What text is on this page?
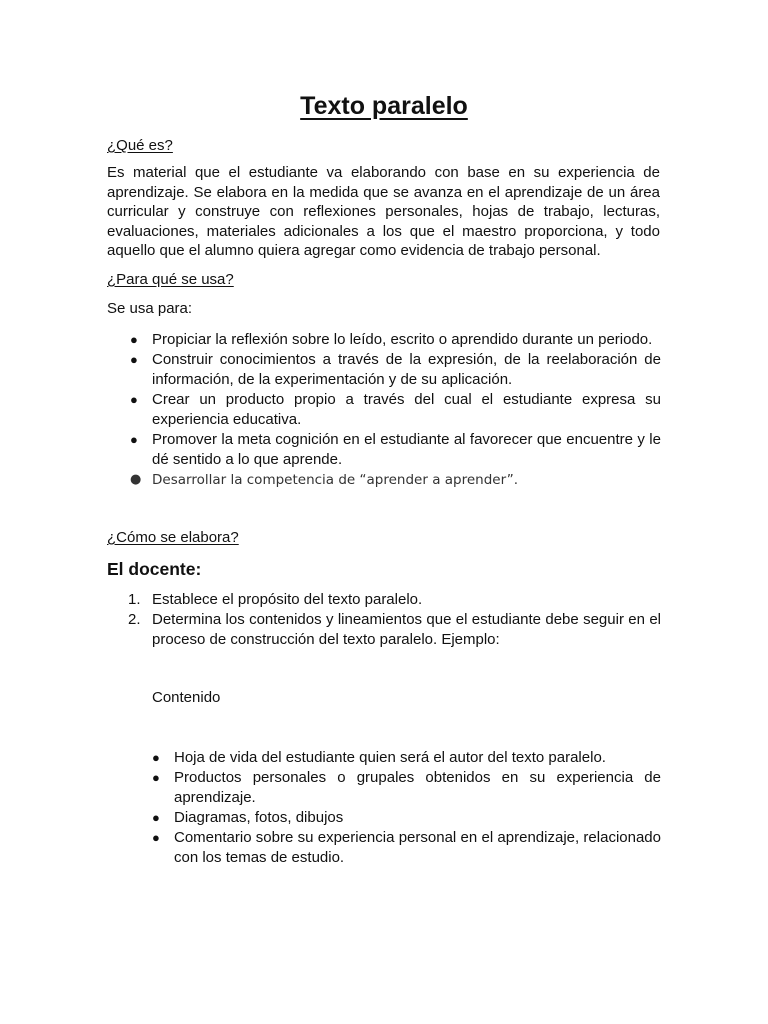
Texto paralelo
¿Qué es?

Es material que el estudiante va elaborando con base en su experiencia de aprendizaje. Se elabora en la medida que se avanza en el aprendizaje de un área curricular y construye con reflexiones personales, hojas de trabajo, lecturas, evaluaciones, materiales adicionales a los que el maestro proporciona, y todo aquello que el alumno quiera agregar como evidencia de trabajo personal.

¿Para qué se usa?
Se usa para:
● Propiciar la reflexión sobre lo leído, escrito o aprendido durante un periodo.
● Construir conocimientos a través de la expresión, de la reelaboración de información, de la experimentación y de su aplicación.
● Crear un producto propio a través del cual el estudiante expresa su experiencia educativa.
● Promover la meta cognición en el estudiante al favorecer que encuentre y le dé sentido a lo que aprende.
● Desarrollar la competencia de “aprender a aprender”.
¿Cómo se elabora?
El docente:
1. Establece el propósito del texto paralelo.
2. Determina los contenidos y lineamientos que el estudiante debe seguir en el proceso de construcción del texto paralelo. Ejemplo:
Contenido
● Hoja de vida del estudiante quien será el autor del texto paralelo.
● Productos personales o grupales obtenidos en su experiencia de aprendizaje.
● Diagramas, fotos, dibujos
● Comentario sobre su experiencia personal en el aprendizaje, relacionado con los temas de estudio.
